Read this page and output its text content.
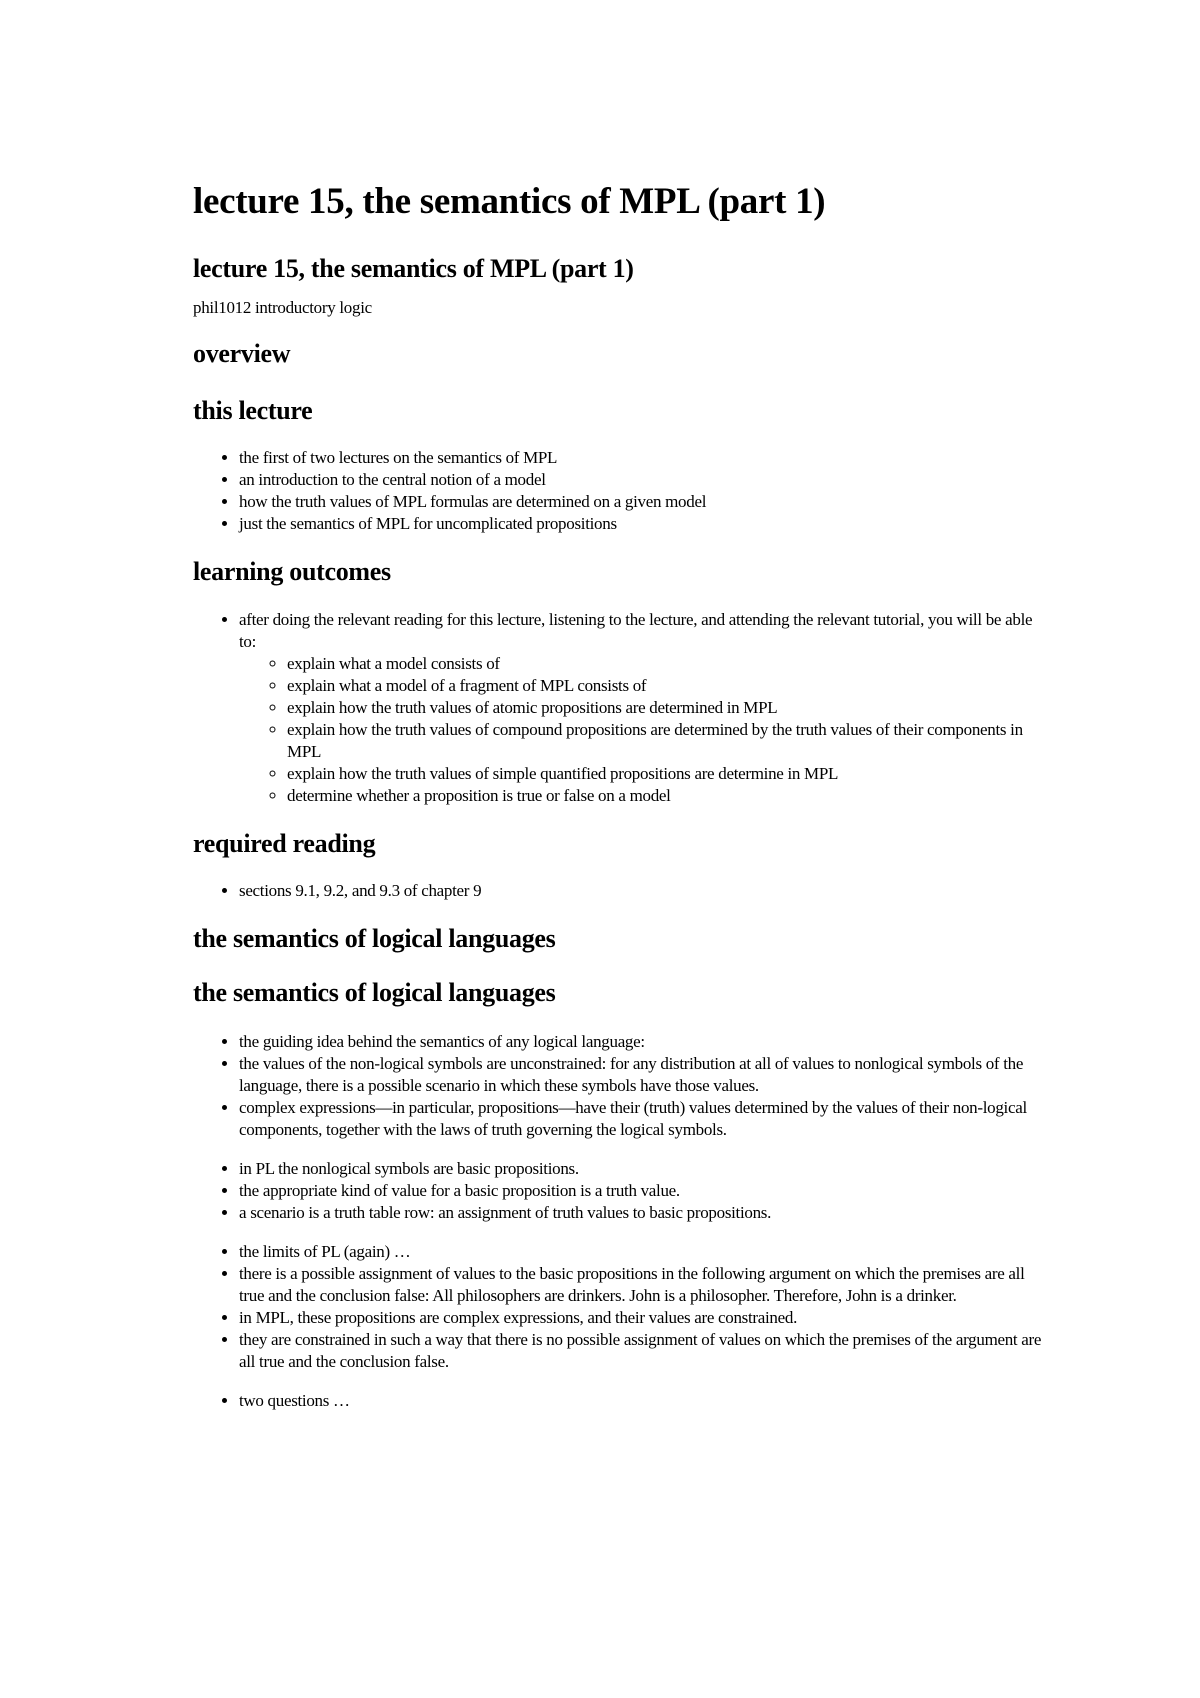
lecture 15, the semantics of MPL (part 1)
lecture 15, the semantics of MPL (part 1)

phil1012 introductory logic

overview
this lecture
• the first of two lectures on the semantics of MPL
• an introduction to the central notion of a model
• how the truth values of MPL formulas are determined on a given model
• just the semantics of MPL for uncomplicated propositions
learning outcomes
• after doing the relevant reading for this lecture, listening to the lecture, and attending the relevant tutorial, you will be able to:
◦ explain what a model consists of
◦ explain what a model of a fragment of MPL consists of
◦ explain how the truth values of atomic propositions are determined in MPL
◦ explain how the truth values of compound propositions are determined by the truth values of their components in MPL
◦ explain how the truth values of simple quantified propositions are determine in MPL
◦ determine whether a proposition is true or false on a model
required reading
• sections 9.1, 9.2, and 9.3 of chapter 9
the semantics of logical languages
the semantics of logical languages
• the guiding idea behind the semantics of any logical language:
• the values of the non-logical symbols are unconstrained: for any distribution at all of values to nonlogical symbols of the language, there is a possible scenario in which these symbols have those values.
• complex expressions—in particular, propositions—have their (truth) values determined by the values of their non-logical components, together with the laws of truth governing the logical symbols.
• in PL the nonlogical symbols are basic propositions.
• the appropriate kind of value for a basic proposition is a truth value.
• a scenario is a truth table row: an assignment of truth values to basic propositions.
• the limits of PL (again) …
• there is a possible assignment of values to the basic propositions in the following argument on which the premises are all true and the conclusion false: All philosophers are drinkers. John is a philosopher. Therefore, John is a drinker.
• in MPL, these propositions are complex expressions, and their values are constrained.
• they are constrained in such a way that there is no possible assignment of values on which the premises of the argument are all true and the conclusion false.
• two questions …
